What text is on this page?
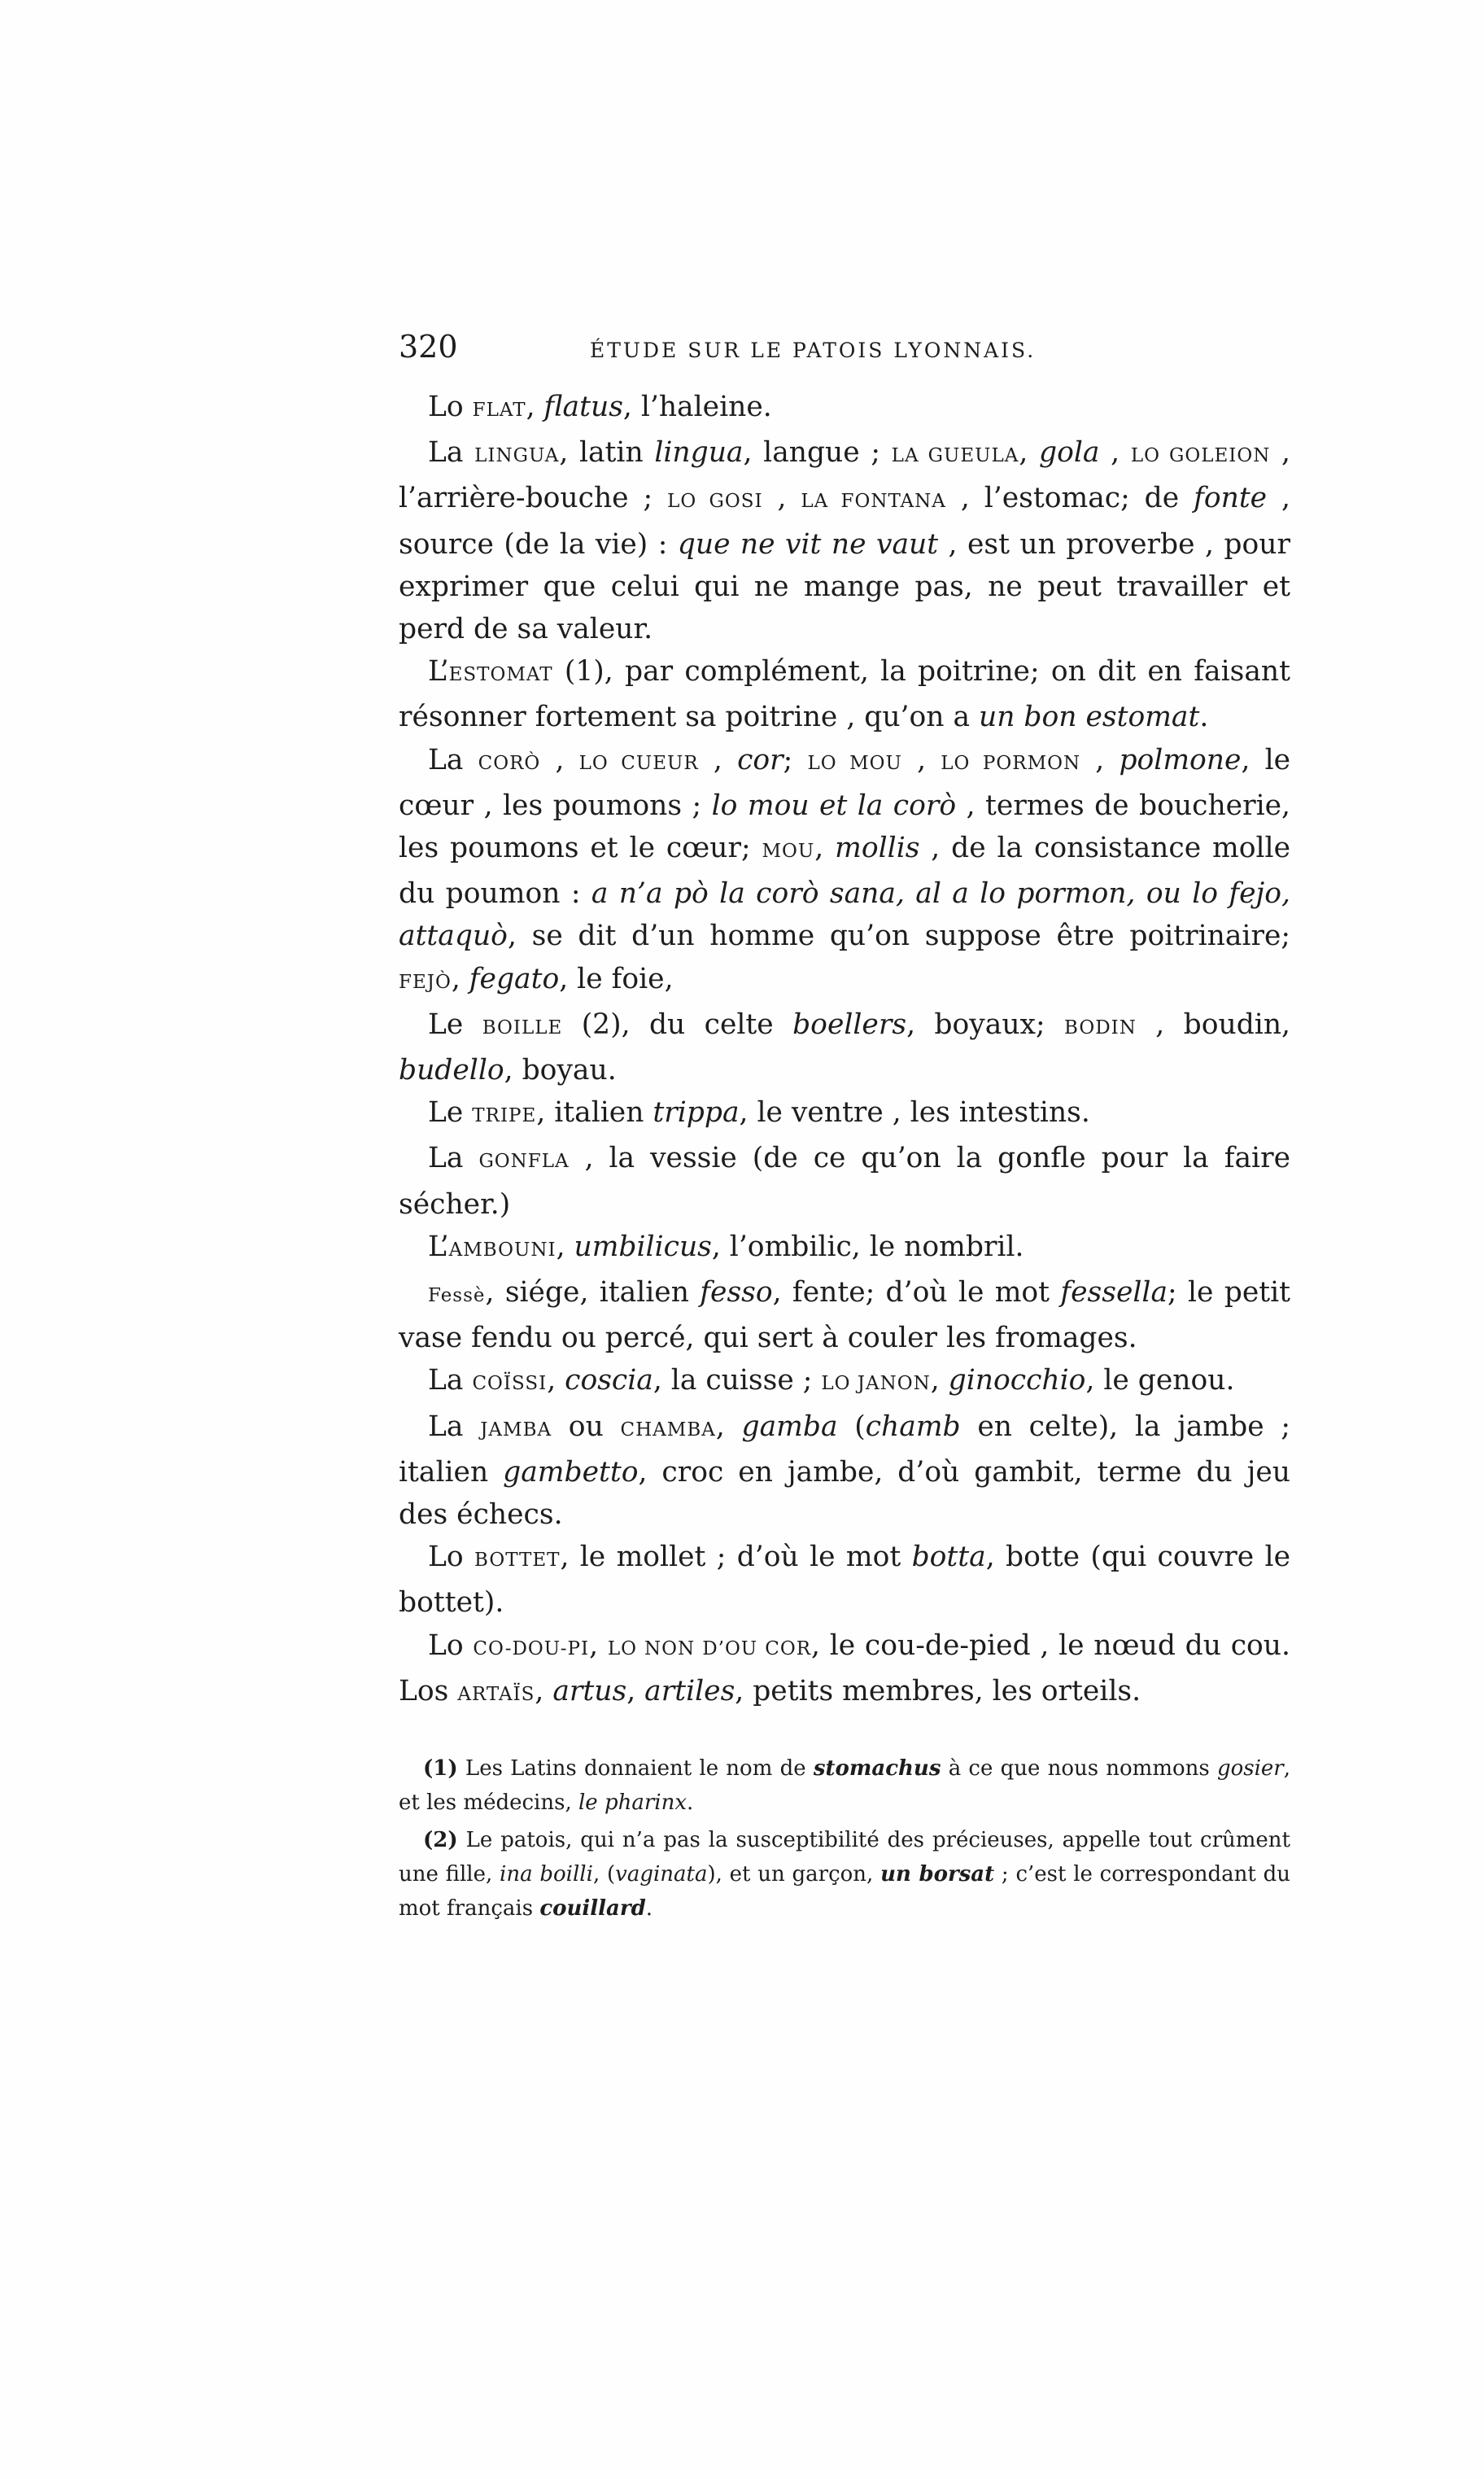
320	ÉTUDE SUR LE PATOIS LYONNAIS.

Lo FLAT, flatus, l’haleine.

La LINGUA, latin lingua, langue ; LA GUEULA, gola , LO GOLEION , l’arrière-bouche ; LO GOSI , LA FONTANA , l’estomac; de fonte , source (de la vie) : que ne vit ne vaut , est un proverbe , pour exprimer que celui qui ne mange pas, ne peut travailler et perd de sa valeur.

L’ESTOMAT (1), par complément, la poitrine; on dit en faisant résonner fortement sa poitrine , qu’on a un bon estomat.

La CORÒ , LO CUEUR , cor; LO MOU , LO PORMON , polmone, le cœur , les poumons ; lo mou et la corò , termes de boucherie, les poumons et le cœur; MOU, mollis , de la consistance molle du poumon : a n’a pò la corò sana, al a lo pormon, ou lo fejo, attaquò, se dit d’un homme qu’on suppose être poitrinaire; FEJÒ, fegato, le foie,

Le BOILLE (2), du celte boellers, boyaux; BODIN , boudin, budello, boyau.

Le TRIPE, italien trippa, le ventre , les intestins.

La GONFLA , la vessie (de ce qu’on la gonfle pour la faire sécher.)

L’AMBOUNI, umbilicus, l’ombilic, le nombril.

Fessè, siége, italien fesso, fente; d’où le mot fessella; le petit vase fendu ou percé, qui sert à couler les fromages.

La COÏSSI, coscia, la cuisse ; LO JANON, ginocchio, le genou.

La JAMBA ou CHAMBA, gamba (chamb en celte), la jambe ; italien gambetto, croc en jambe, d’où gambit, terme du jeu des échecs.

Lo BOTTET, le mollet ; d’où le mot botta, botte (qui couvre le bottet).

Lo CO-DOU-PI, LO NON D’OU COR, le cou-de-pied , le nœud du cou. Los ARTAÏS, artus, artiles, petits membres, les orteils.

(1) Les Latins donnaient le nom de stomachus à ce que nous nommons gosier, et les médecins, le pharinx.

(2) Le patois, qui n’a pas la susceptibilité des précieuses, appelle tout crûment une fille, ina boilli, (vaginata), et un garçon, un borsat ; c’est le correspondant du mot français couillard.
